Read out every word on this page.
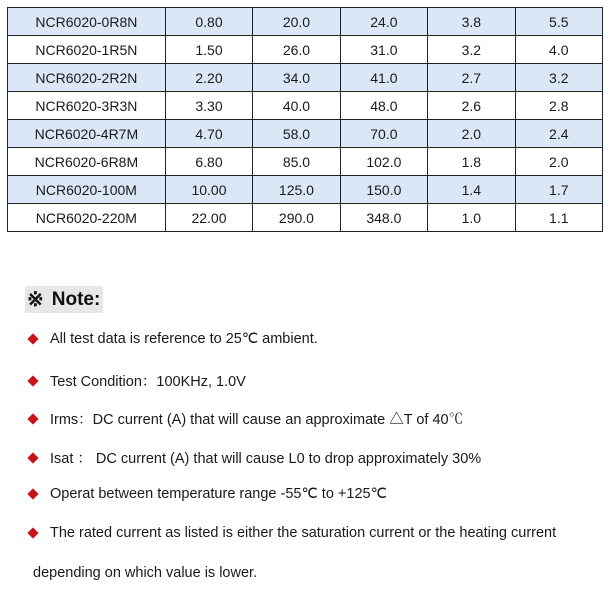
NCR6020-0R8N	0.80	20.0	24.0	3.8	5.5
NCR6020-1R5N	1.50	26.0	31.0	3.2	4.0
NCR6020-2R2N	2.20	34.0	41.0	2.7	3.2
NCR6020-3R3N	3.30	40.0	48.0	2.6	2.8
NCR6020-4R7M	4.70	58.0	70.0	2.0	2.4
NCR6020-6R8M	6.80	85.0	102.0	1.8	2.0
NCR6020-100M	10.00	125.0	150.0	1.4	1.7
NCR6020-220M	22.00	290.0	348.0	1.0	1.1
※ Note:
All test data is reference to 25℃ ambient.
Test Condition：100KHz, 1.0V
Irms：DC current (A) that will cause an approximate △T of 40℃
Isat ： DC current (A) that will cause L0 to drop approximately 30%
Operat between temperature range -55℃ to +125℃
The rated current as listed is either the saturation current or the heating current
depending on which value is lower.
